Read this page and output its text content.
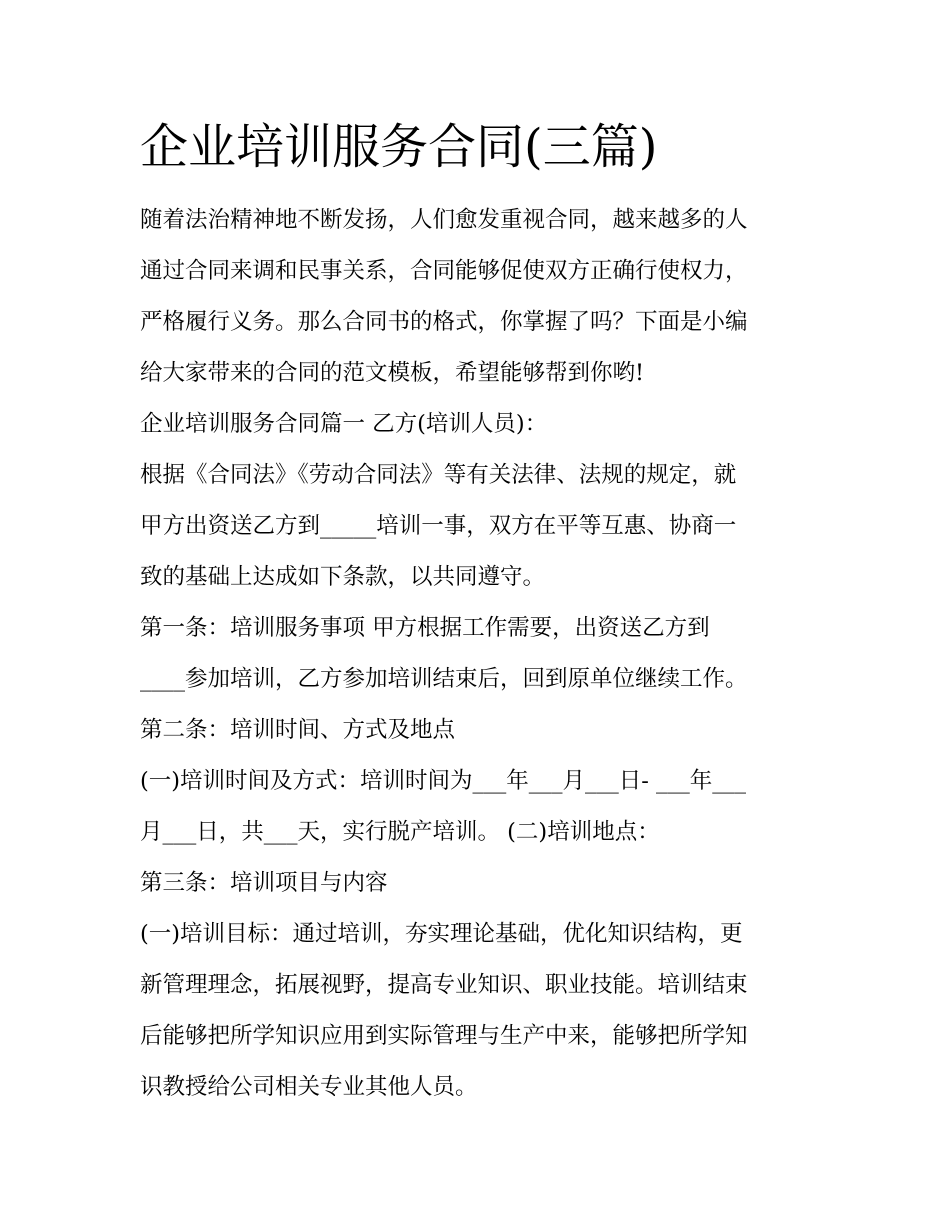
企业培训服务合同(三篇)

随着法治精神地不断发扬，人们愈发重视合同，越来越多的人

通过合同来调和民事关系，合同能够促使双方正确行使权力，

严格履行义务。那么合同书的格式，你掌握了吗？下面是小编

给大家带来的合同的范文模板，希望能够帮到你哟!

企业培训服务合同篇一 乙方(培训人员)：

根据《合同法》《劳动合同法》等有关法律、法规的规定，就

甲方出资送乙方到_____培训一事，双方在平等互惠、协商一

致的基础上达成如下条款，以共同遵守。

第一条：培训服务事项 甲方根据工作需要，出资送乙方到

____参加培训，乙方参加培训结束后，回到原单位继续工作。

第二条：培训时间、方式及地点

(一)培训时间及方式：培训时间为___年___月___日- ___年___

月___日，共___天，实行脱产培训。 (二)培训地点：

第三条：培训项目与内容

(一)培训目标：通过培训，夯实理论基础，优化知识结构，更

新管理理念，拓展视野，提高专业知识、职业技能。培训结束

后能够把所学知识应用到实际管理与生产中来，能够把所学知

识教授给公司相关专业其他人员。
